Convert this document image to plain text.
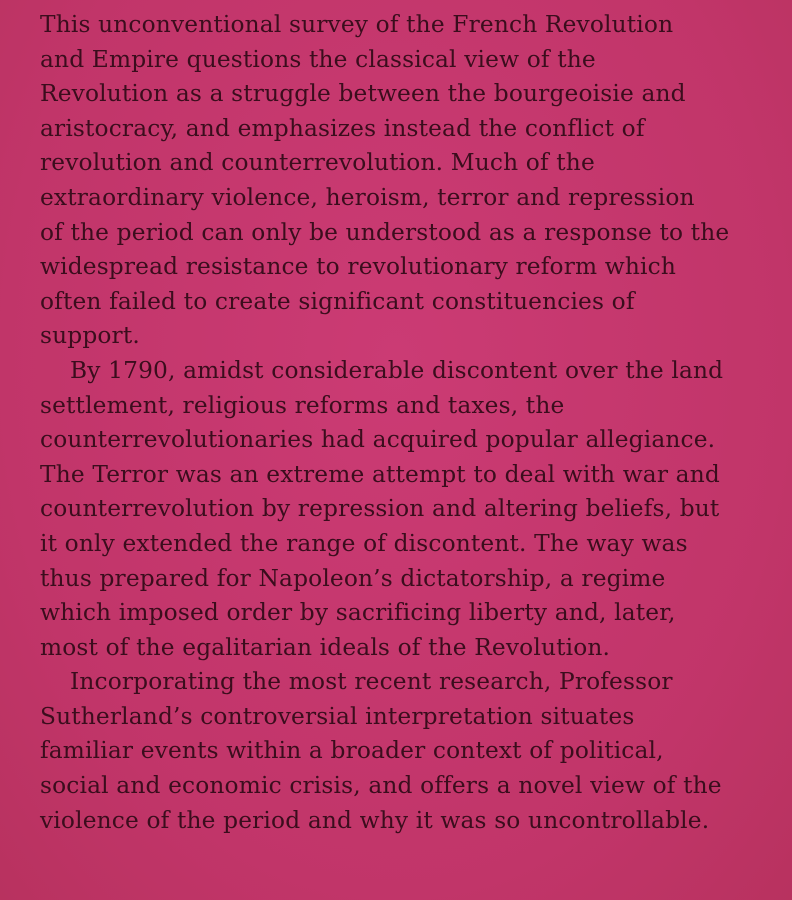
This unconventional survey of the French Revolution
and Empire questions the classical view of the
Revolution as a struggle between the bourgeoisie and
aristocracy, and emphasizes instead the conflict of
revolution and counterrevolution. Much of the
extraordinary violence, heroism, terror and repression
of the period can only be understood as a response to the
widespread resistance to revolutionary reform which
often failed to create significant constituencies of
support.

By 1790, amidst considerable discontent over the land
settlement, religious reforms and taxes, the
counterrevolutionaries had acquired popular allegiance.
The Terror was an extreme attempt to deal with war and
counterrevolution by repression and altering beliefs, but
it only extended the range of discontent. The way was
thus prepared for Napoleon’s dictatorship, a regime
which imposed order by sacrificing liberty and, later,
most of the egalitarian ideals of the Revolution.

Incorporating the most recent research, Professor
Sutherland’s controversial interpretation situates
familiar events within a broader context of political,
social and economic crisis, and offers a novel view of the
violence of the period and why it was so uncontrollable.
